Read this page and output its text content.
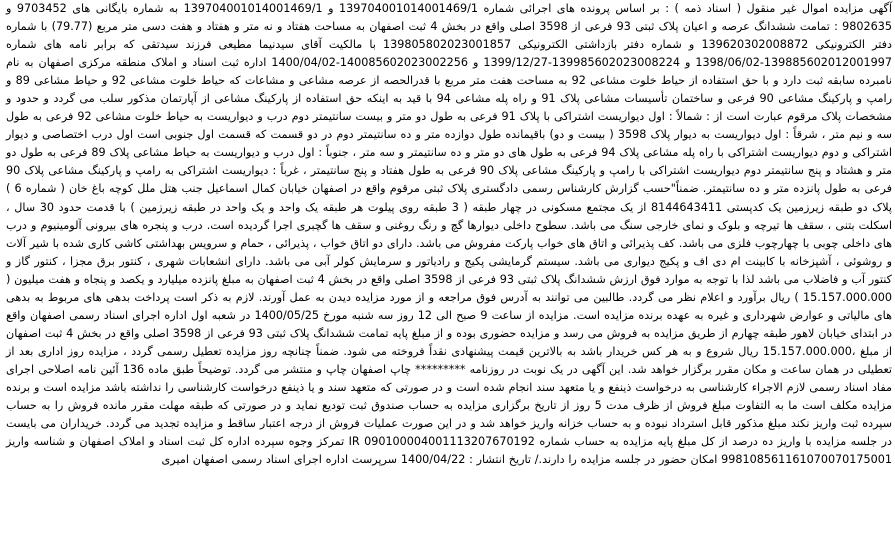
آگهی مزایده اموال غیر منقول ( اسناد ذمه ) : بر اساس پرونده های اجرائی شماره 139704001014001469/1 و 139704001014001469/1 به شماره بایگانی های 9703452 و 9802635 : تمامت ششدانگ عرصه و اعیان پلاک ثبتی 93 فرعی از 3598 اصلی واقع در بخش 4 ثبت اصفهان به مساحت هفتاد و نه متر و هفتاد و هفت دسی متر مربع (79.77) با شماره دفتر الکترونیکی 139620302008872 و شماره دفتر بازداشتی الکترونیکی 139805802023001857 با مالکیت آقای سیدنیما مطیعی فرزند سیدتقی که برابر نامه های شماره 139885602012001997-1398/06/02 و 139985602023008224-1399/12/27 و 140085602023002256-1400/04/02 اداره ثبت اسناد و املاک منطقه مرکزی اصفهان به نام نامبرده سابقه ثبت دارد و با حق استفاده از حیاط خلوت مشاعی 92 به مساحت هفت متر مربع با قدرالحصه از عرصه مشاعی و مشاعات که حیاط خلوت مشاعی 92 و حیاط مشاعی 89 و رامپ و پارکینگ مشاعی 90 فرعی و ساختمان تأسیسات مشاعی پلاک 91 و راه پله مشاعی 94 با قید به اینکه حق استفاده از پارکینگ مشاعی از آپارتمان مذکور سلب می گردد و حدود و مشخصات پلاک مرقوم عبارت است از : شمالاً : اول دیواریست اشتراکی با پلاک 91 فرعی به طول دو متر و بیست سانتیمتر دوم درب و دیواریست به حیاط خلوت مشاعی 92 فرعی به طول سه و نیم متر ، شرقاً : اول دیواریست به دیوار پلاک 3598 ( بیست و دو) باقیمانده طول دوازده متر و ده سانتیمتر دوم در دو قسمت که قسمت اول جنوبی است اول درب اختصاصی و دیوار اشتراکی و دوم دیواریست اشتراکی با راه پله مشاعی پلاک 94 فرعی به طول های دو متر و ده سانتیمتر و سه متر ، جنوباً : اول درب و دیواریست به حیاط مشاعی پلاک 89 فرعی به طول دو متر و هشتاد و پنج سانتیمتر دوم دیواریست اشتراکی با رامپ و پارکینگ مشاعی پلاک 90 فرعی به طول هفتاد و پنج سانتیمتر ، غرباً : دیواریست اشتراکی به رامپ و پارکینگ مشاعی پلاک 90 فرعی به طول پانزده متر و ده سانتیمتر. ضمناً"حسب گزارش کارشناس رسمی دادگستری پلاک ثبتی مرقوم واقع در اصفهان خیابان کمال اسماعیل جنب هتل ملل کوچه باغ خان ( شماره 6 ) پلاک دو طبقه زیرزمین یک کدپستی 8144643411 از یک مجتمع مسکونی در چهار طبقه ( 3 طبقه روی پیلوت هر طبقه یک واحد و یک واحد در طبقه زیرزمین ) با قدمت حدود 30 سال ، اسکلت بتنی ، سقف ها تیرچه و بلوک و نمای خارجی سنگ می باشد. سطوح داخلی دیوارها گچ و رنگ روغنی و سقف ها گچبری اجرا گردیده است. درب و پنجره های بیرونی آلومینیوم و درب های داخلی چوبی با چهارچوب فلزی می باشد. کف پذیرائی و اتاق های خواب پارکت مفروش می باشد. دارای دو اتاق خواب ، پذیرائی ، حمام و سرویس بهداشتی کاشی کاری شده با شیر آلات و روشوئی ، آشپزخانه با کابینت ام دی اف و پکیج دیواری می باشد. سیستم گرمایشی پکیج و رادیاتور و سرمایش کولر آبی می باشد. دارای انشعابات شهری ، کنتور برق مجزا ، کنتور گاز و کنتور آب و فاضلاب می باشد لذا با توجه به موارد فوق ارزش ششدانگ پلاک ثبتی 93 فرعی از 3598 اصلی واقع در بخش 4 ثبت اصفهان به مبلغ پانزده میلیارد و یکصد و پنجاه و هفت میلیون ( 15.157.000.000 ) ریال برآورد و اعلام نظر می گردد. طالبین می توانند به آدرس فوق مراجعه و از مورد مزایده دیدن به عمل آورند. لازم به ذکر است پرداخت بدهی های مربوط به بدهی های مالیاتی و عوارض شهرداری و غیره به عهده برنده مزایده است. مزایده از ساعت 9 صبح الی 12 روز سه شنبه مورخ 1400/05/25 در شعبه اول اداره اجرای اسناد رسمی اصفهان واقع در ابتدای خیابان لاهور طبقه چهارم از طریق مزایده به فروش می رسد و مزایده حضوری بوده و از مبلغ پایه تمامت ششدانگ پلاک ثبتی 93 فرعی از 3598 اصلی واقع در بخش 4 ثبت اصفهان از مبلغ ،15.157.000.000 ریال شروع و به هر کس خریدار باشد به بالاترین قیمت پیشنهادی نقداً فروخته می شود. ضمناً چنانچه روز مزایده تعطیل رسمی گردد ، مزایده روز اداری بعد از تعطیلی در همان ساعت و مکان مقرر برگزار خواهد شد. این آگهی در یک نوبت در روزنامه ********* چاپ اصفهان چاپ و منتشر می گردد. توضیحاً طبق ماده 136 آئین نامه اصلاحی اجرای مفاد اسناد رسمی لازم الاجراء کارشناسی به درخواست ذینفع و یا متعهد سند انجام شده است و در صورتی که متعهد سند و یا ذینفع درخواست کارشناسی را نداشته باشد مزایده است و برنده مزایده مکلف است ما به التفاوت مبلغ فروش از ظرف مدت 5 روز از تاریخ برگزاری مزایده به حساب صندوق ثبت تودیع نماید و در صورتی که طبقه مهلت مقرر مانده فروش را به حساب سپرده ثبت واریز نکند مبلغ مذکور قابل استرداد نبوده و به حساب خزانه واریز خواهد شد و در این صورت عملیات فروش از درجه اعتبار ساقط و مزایده تجدید می گردد. خریداران می بایست در جلسه مزایده با واریز ده درصد از کل مبلغ پایه مزایده به حساب شماره IR 090100004001113207670192 تمرکز وجوه سپرده اداره کل ثبت اسناد و املاک اصفهان و شناسه واریز 998108561161070070175001 امکان حضور در جلسه مزایده را دارند./ تاریخ انتشار : 1400/04/22 سرپرست اداره اجرای اسناد رسمی اصفهان امیری
